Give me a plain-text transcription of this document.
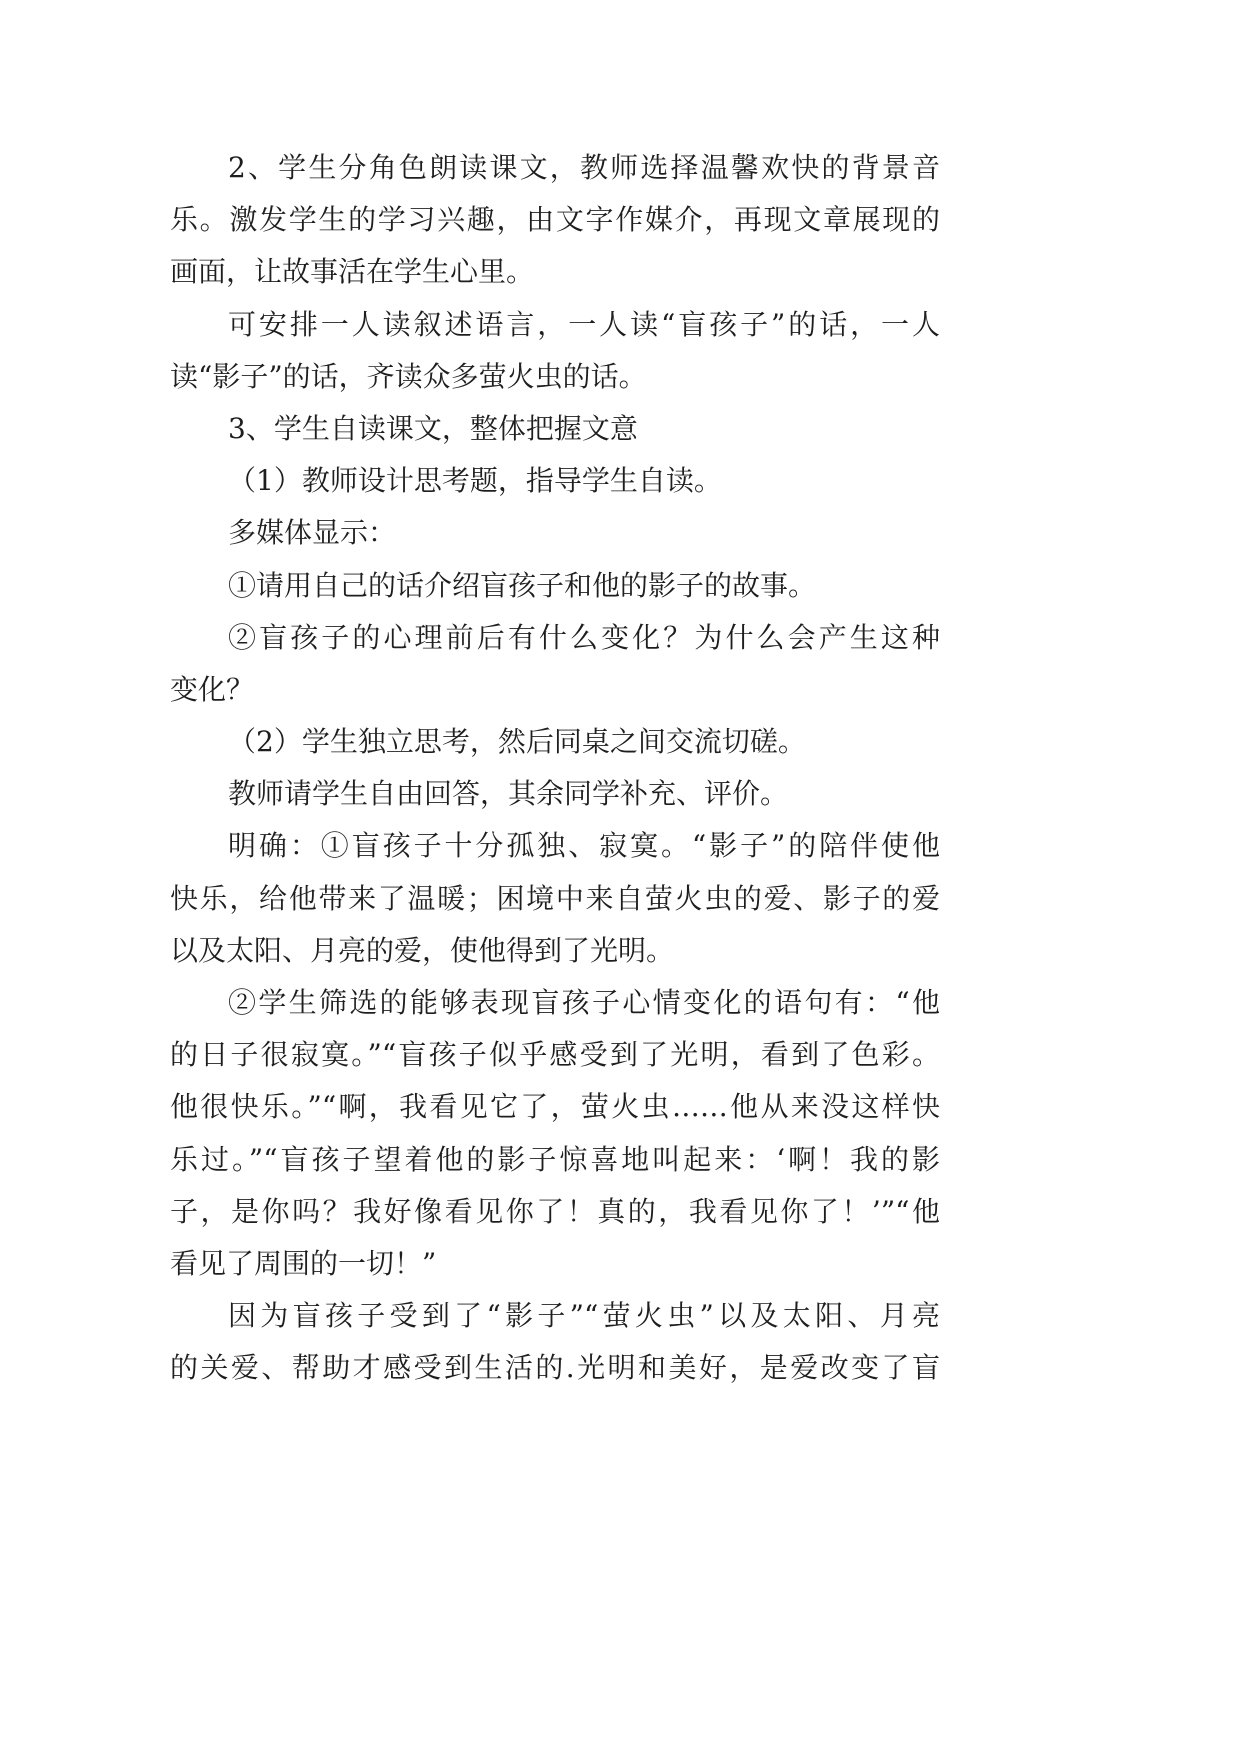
2、学生分角色朗读课文，教师选择温馨欢快的背景音
乐。激发学生的学习兴趣，由文字作媒介，再现文章展现的
画面，让故事活在学生心里。
可安排一人读叙述语言，一人读“盲孩子”的话，一人
读“影子”的话，齐读众多萤火虫的话。
3、学生自读课文，整体把握文意
（1）教师设计思考题，指导学生自读。
多媒体显示：
①请用自己的话介绍盲孩子和他的影子的故事。
②盲孩子的心理前后有什么变化？为什么会产生这种
变化？
（2）学生独立思考，然后同桌之间交流切磋。
教师请学生自由回答，其余同学补充、评价。
明确：①盲孩子十分孤独、寂寞。“影子”的陪伴使他
快乐，给他带来了温暖；困境中来自萤火虫的爱、影子的爱
以及太阳、月亮的爱，使他得到了光明。
②学生筛选的能够表现盲孩子心情变化的语句有：“他
的日子很寂寞。”“盲孩子似乎感受到了光明，看到了色彩。
他很快乐。”“啊，我看见它了，萤火虫……他从来没这样快
乐过。”“盲孩子望着他的影子惊喜地叫起来：‘啊！我的影
子，是你吗？我好像看见你了！真的，我看见你了！’”“他
看见了周围的一切！”
因为盲孩子受到了“影子”“萤火虫”以及太阳、月亮
的关爱、帮助才感受到生活的.光明和美好，是爱改变了盲
